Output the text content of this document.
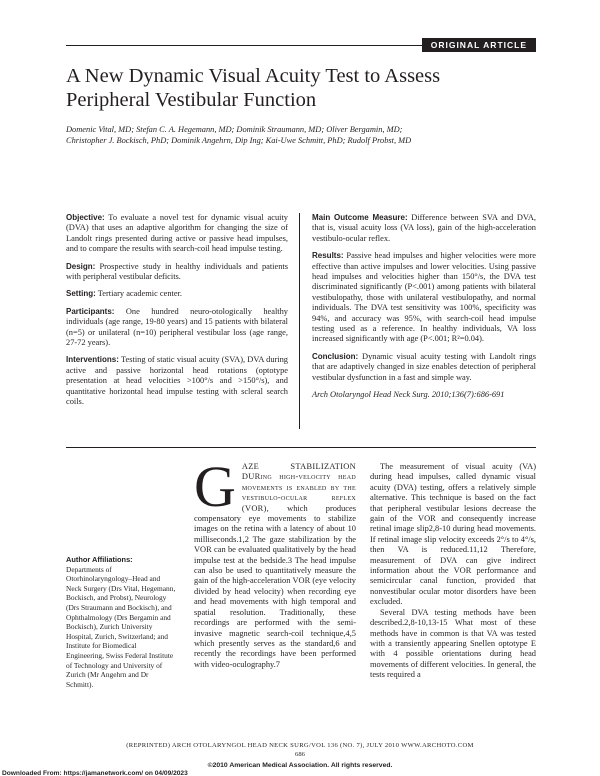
ORIGINAL ARTICLE
A New Dynamic Visual Acuity Test to Assess
Peripheral Vestibular Function
Domenic Vital, MD; Stefan C. A. Hegemann, MD; Dominik Straumann, MD; Oliver Bergamin, MD;
Christopher J. Bockisch, PhD; Dominik Angehrn, Dip Ing; Kai-Uwe Schmitt, PhD; Rudolf Probst, MD

Objective: To evaluate a novel test for dynamic visual acuity (DVA) that uses an adaptive algorithm for changing the size of Landolt rings presented during active or passive head impulses, and to compare the results with search-coil head impulse testing.

Design: Prospective study in healthy individuals and patients with peripheral vestibular deficits.

Setting: Tertiary academic center.

Participants: One hundred neuro-otologically healthy individuals (age range, 19-80 years) and 15 patients with bilateral (n=5) or unilateral (n=10) peripheral vestibular loss (age range, 27-72 years).

Interventions: Testing of static visual acuity (SVA), DVA during active and passive horizontal head rotations (optotype presentation at head velocities >100°/s and >150°/s), and quantitative horizontal head impulse testing with scleral search coils.

Main Outcome Measure: Difference between SVA and DVA, that is, visual acuity loss (VA loss), gain of the high-acceleration vestibulo-ocular reflex.

Results: Passive head impulses and higher velocities were more effective than active impulses and lower velocities. Using passive head impulses and velocities higher than 150°/s, the DVA test discriminated significantly (P<.001) among patients with bilateral vestibulopathy, those with unilateral vestibulopathy, and normal individuals. The DVA test sensitivity was 100%, specificity was 94%, and accuracy was 95%, with search-coil head impulse testing used as a reference. In healthy individuals, VA loss increased significantly with age (P<.001; R²=0.04).

Conclusion: Dynamic visual acuity testing with Landolt rings that are adaptively changed in size enables detection of peripheral vestibular dysfunction in a fast and simple way.

Arch Otolaryngol Head Neck Surg. 2010;136(7):686-691

Author Affiliations:
Departments of Otorhinolaryngology–Head and Neck Surgery (Drs Vital, Hegemann, Bockisch, and Probst), Neurology (Drs Straumann and Bockisch), and Ophthalmology (Drs Bergamin and Bockisch), Zurich University Hospital, Zurich, Switzerland; and Institute for Biomedical Engineering, Swiss Federal Institute of Technology and University of Zurich (Mr Angehrn and Dr Schmitt).

GAZE STABILIZATION DURing high-velocity head movements is enabled by the vestibulo-ocular reflex (VOR), which produces compensatory eye movements to stabilize images on the retina with a latency of about 10 milliseconds.1,2 The gaze stabilization by the VOR can be evaluated qualitatively by the head impulse test at the bedside.3 The head impulse can also be used to quantitatively measure the gain of the high-acceleration VOR (eye velocity divided by head velocity) when recording eye and head movements with high temporal and spatial resolution. Traditionally, these recordings are performed with the semi-invasive magnetic search-coil technique,4,5 which presently serves as the standard,6 and recently the recordings have been performed with video-oculography.7

The measurement of visual acuity (VA) during head impulses, called dynamic visual acuity (DVA) testing, offers a relatively simple alternative. This technique is based on the fact that peripheral vestibular lesions decrease the gain of the VOR and consequently increase retinal image slip2,8-10 during head movements. If retinal image slip velocity exceeds 2°/s to 4°/s, then VA is reduced.11,12 Therefore, measurement of DVA can give indirect information about the VOR performance and semicircular canal function, provided that nonvestibular ocular motor disorders have been excluded.

Several DVA testing methods have been described.2,8-10,13-15 What most of these methods have in common is that VA was tested with a transiently appearing Snellen optotype E with 4 possible orientations during head movements of different velocities. In general, the tests required a

(REPRINTED) ARCH OTOLARYNGOL HEAD NECK SURG/VOL 136 (NO. 7), JULY 2010 WWW.ARCHOTO.COM
686
©2010 American Medical Association. All rights reserved.
Downloaded From: https://jamanetwork.com/ on 04/09/2023
